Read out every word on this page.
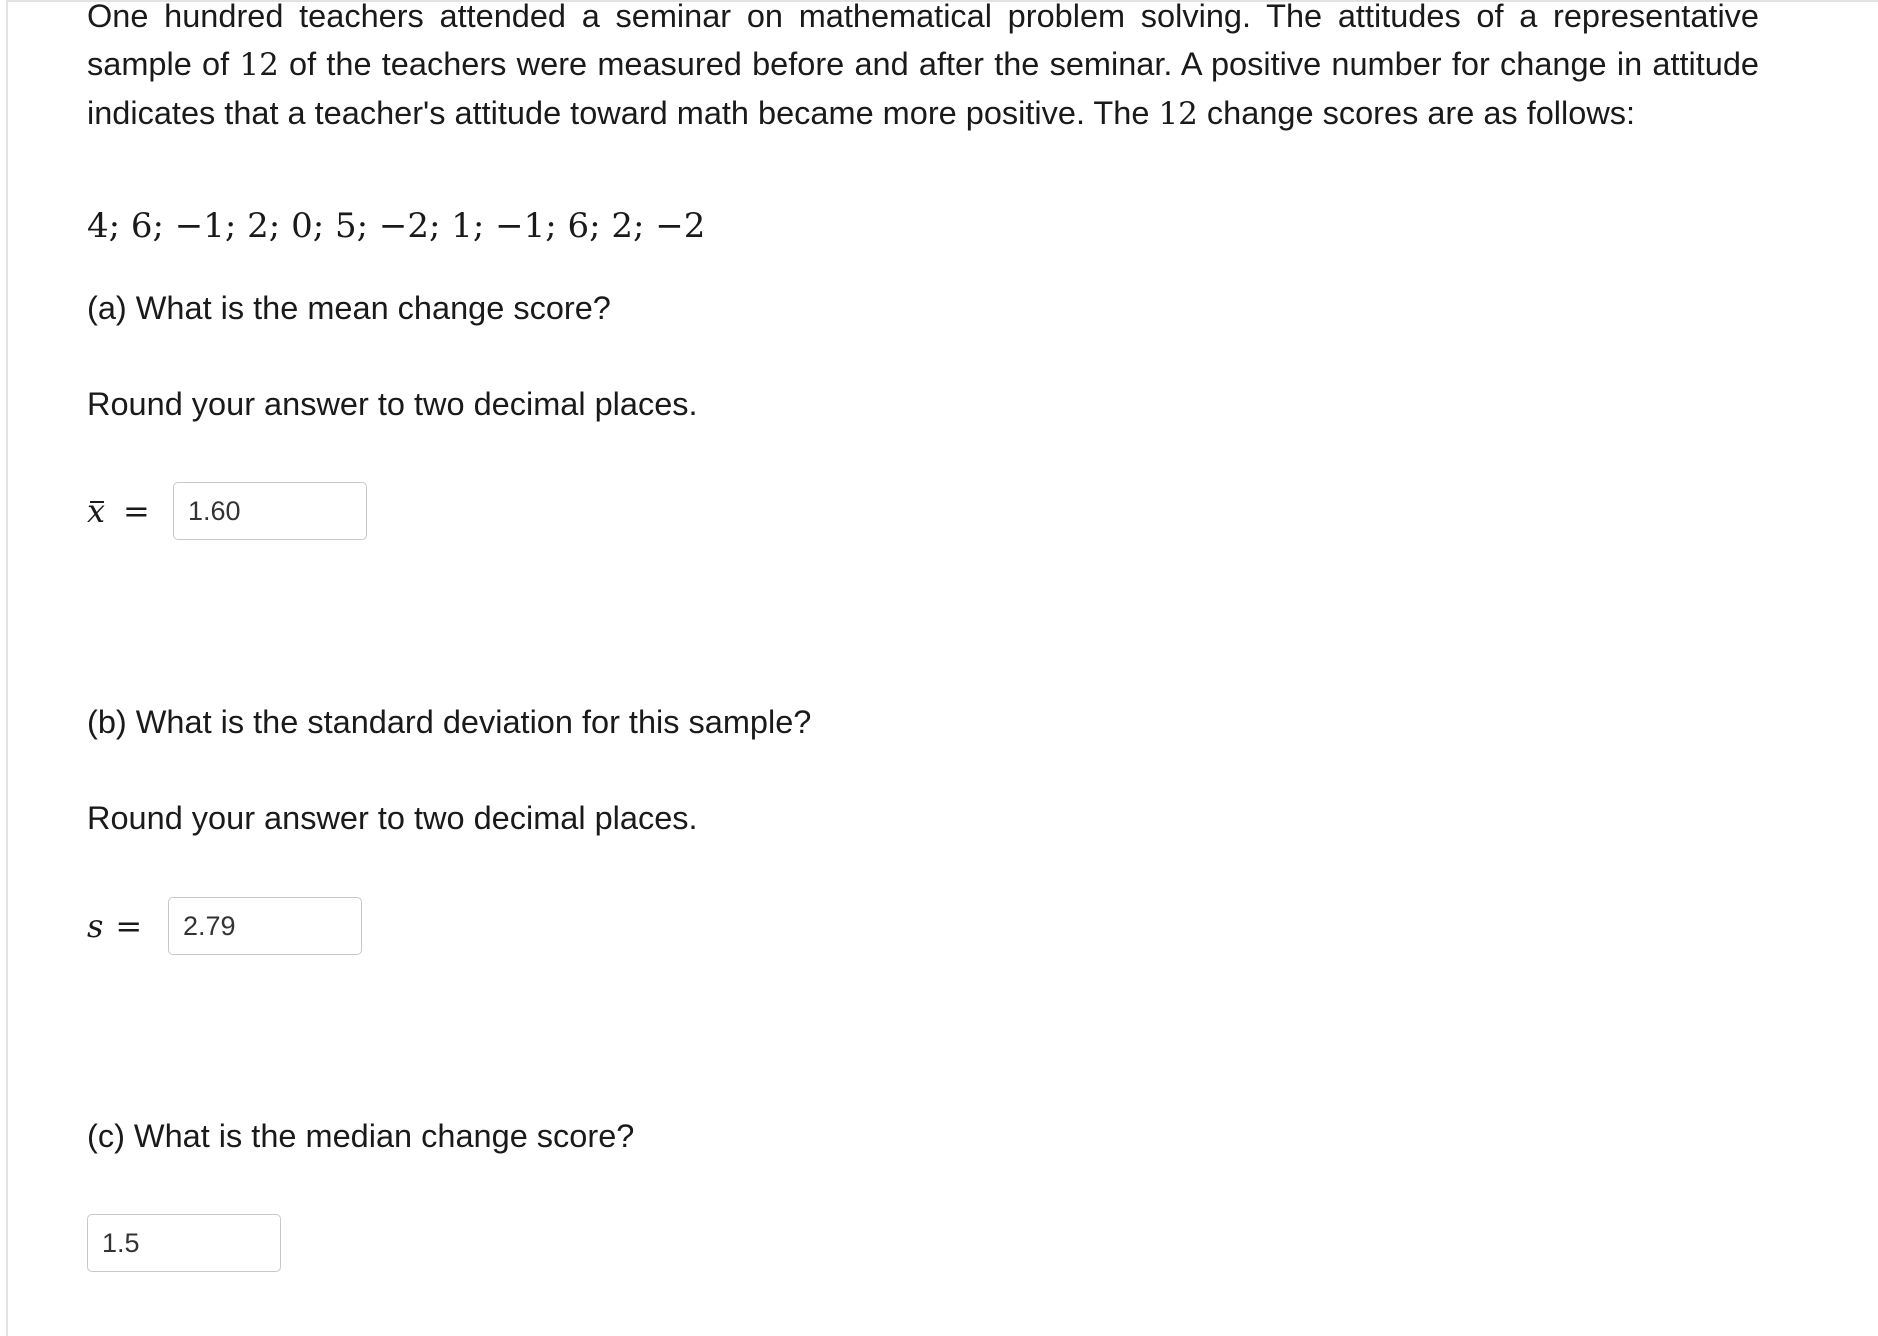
One hundred teachers attended a seminar on mathematical problem solving. The attitudes of a representative sample of 12 of the teachers were measured before and after the seminar. A positive number for change in attitude indicates that a teacher's attitude toward math became more positive. The 12 change scores are as follows:

4; 6; −1; 2; 0; 5; −2; 1; −1; 6; 2; −2

(a) What is the mean change score?

Round your answer to two decimal places.

x =
1.60

(b) What is the standard deviation for this sample?

Round your answer to two decimal places.

s =
2.79

(c) What is the median change score?

1.5
